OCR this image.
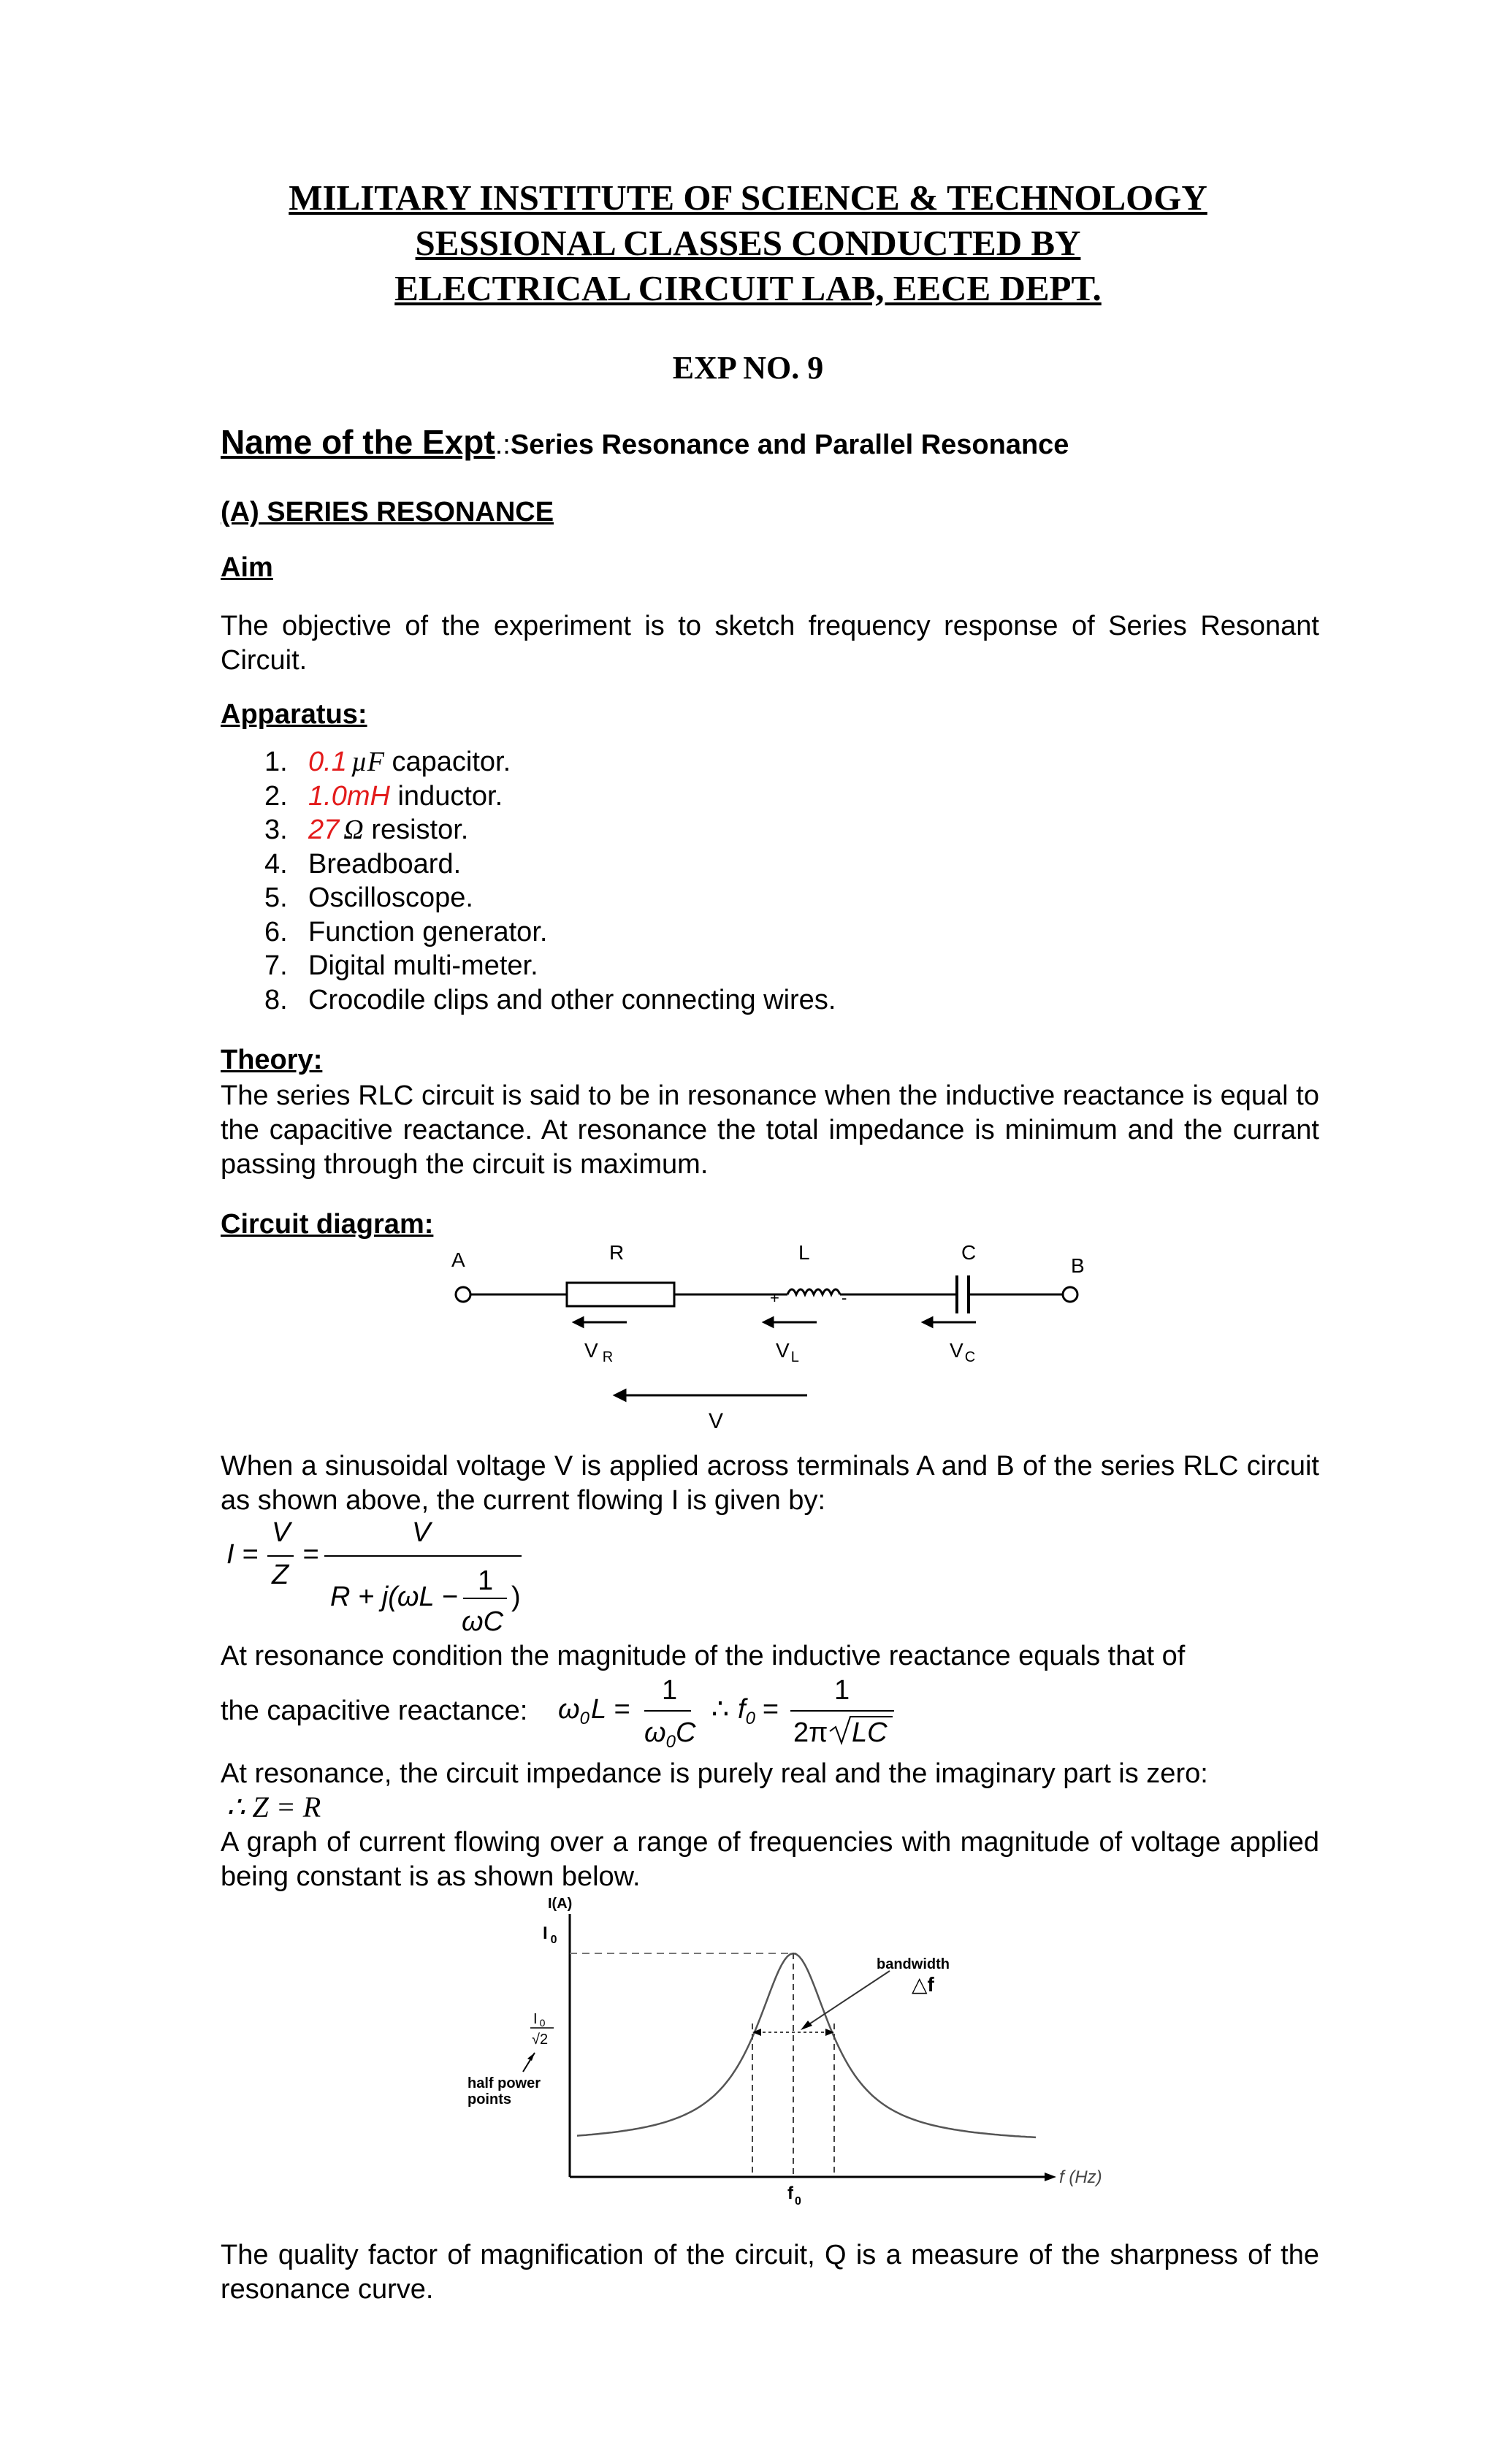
MILITARY INSTITUTE OF SCIENCE & TECHNOLOGY
SESSIONAL CLASSES CONDUCTED BY
ELECTRICAL CIRCUIT LAB, EECE DEPT.
EXP NO. 9
Name of the Expt.:Series Resonance and Parallel Resonance
(A) SERIES RESONANCE
Aim
The objective of the experiment is to sketch frequency response of Series Resonant Circuit.
Apparatus:
1. 0.1 µF capacitor.
2. 1.0mH inductor.
3. 27 Ω resistor.
4. Breadboard.
5. Oscilloscope.
6. Function generator.
7. Digital multi-meter.
8. Crocodile clips and other connecting wires.
Theory:
The series RLC circuit is said to be in resonance when the inductive reactance is equal to the capacitive reactance. At resonance the total impedance is minimum and the currant passing through the circuit is maximum.
Circuit diagram:
A	R	L	C
B
+	-
V $_R$	V $_L$	V $_C$
V
When a sinusoidal voltage V is applied across terminals A and B of the series RLC circuit as shown above, the current flowing I is given by:
I =
V
Z
=
V
R + j(ωL −
1
ωC
)
At resonance condition the magnitude of the inductive reactance equals that of
the capacitive reactance:	$\omega_0L$ =
1
$\omega_0C$
∴ $f_0$ =
1
2π LC
At resonance, the circuit impedance is purely real and the imaginary part is zero:
∴ Z = R
A graph of current flowing over a range of frequencies with magnitude of voltage applied being constant is as shown below.
I(A)
I $_0$
I $_0$
√2
half power
points
bandwidth
△f
f (Hz)
f $_0$
The quality factor of magnification of the circuit, Q is a measure of the sharpness of the resonance curve.
